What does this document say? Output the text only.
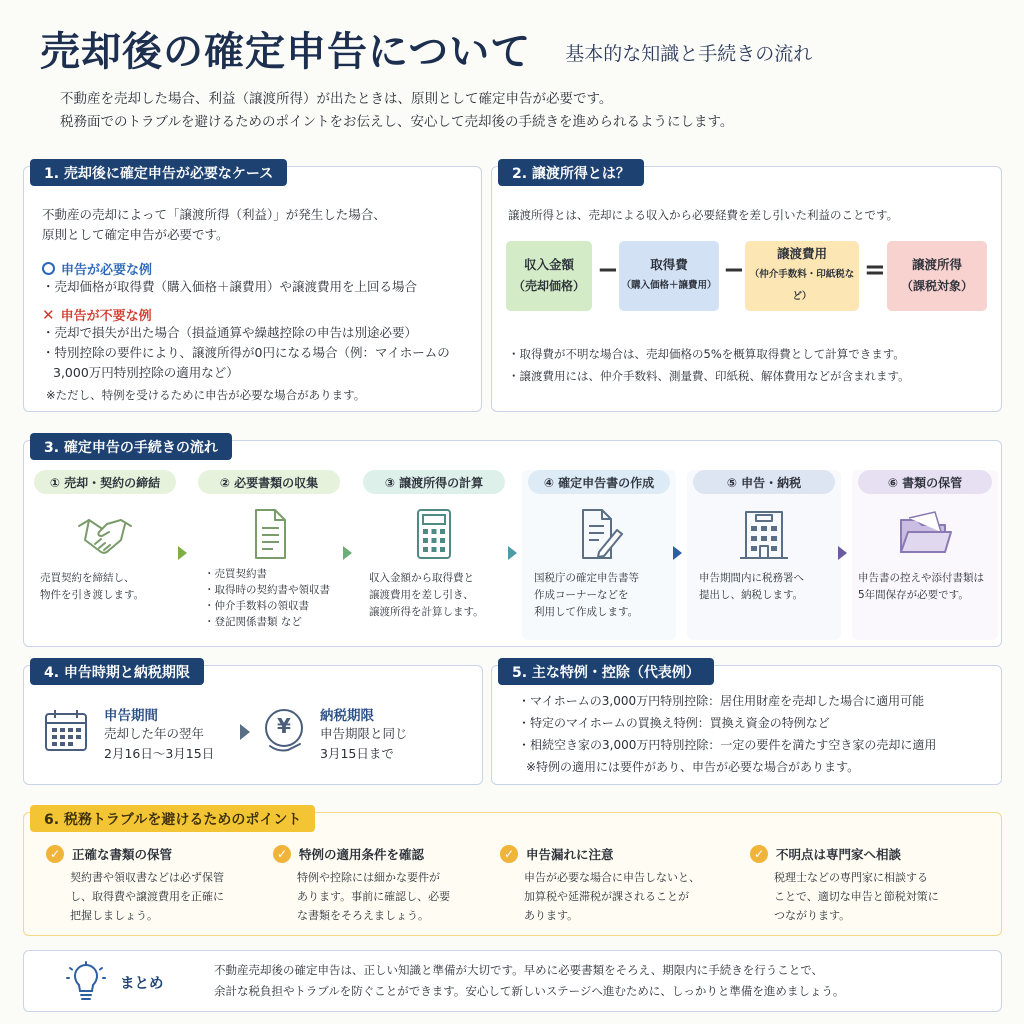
売却後の確定申告について 基本的な知識と手続きの流れ
不動産を売却した場合、利益（譲渡所得）が出たときは、原則として確定申告が必要です。
税務面でのトラブルを避けるためのポイントをお伝えし、安心して売却後の手続きを進められるようにします。
1. 売却後に確定申告が必要なケース
不動産の売却によって「譲渡所得（利益）」が発生した場合、
原則として確定申告が必要です。
申告が必要な例
・売却価格が取得費（購入価格＋譲費用）や譲渡費用を上回る場合
✕ 申告が不要な例
・売却で損失が出た場合（損益通算や繰越控除の申告は別途必要）
・特別控除の要件により、譲渡所得が0円になる場合（例：マイホームの
3,000万円特別控除の適用など）
※ただし、特例を受けるために申告が必要な場合があります。
2. 譲渡所得とは？
譲渡所得とは、売却による収入から必要経費を差し引いた利益のことです。
収入金額
（売却価格）
−	取得費
（購入価格＋譲費用）
−
譲渡費用
（仲介手数料・印紙税など）
= 譲渡所得
（課税対象）
・取得費が不明な場合は、売却価格の5%を概算取得費として計算できます。
・譲渡費用には、仲介手数料、測量費、印紙税、解体費用などが含まれます。
3. 確定申告の手続きの流れ
① 売却・契約の締結
売買契約を締結し、
物件を引き渡します。
② 必要書類の収集
・売買契約書
・取得時の契約書や領収書
・仲介手数料の領収書
・登記関係書類 など
③ 譲渡所得の計算
収入金額から取得費と
譲渡費用を差し引き、
譲渡所得を計算します。
④ 確定申告書の作成
国税庁の確定申告書等
作成コーナーなどを
利用して作成します。
⑤ 申告・納税
申告期間内に税務署へ
提出し、納税します。
⑥ 書類の保管
申告書の控えや添付書類は
5年間保存が必要です。
4. 申告時期と納税期限
申告期間
売却した年の翌年
2月16日〜3月15日
¥	納税期限
申告期限と同じ
3月15日まで
5. 主な特例・控除（代表例）
・マイホームの3,000万円特別控除：居住用財産を売却した場合に適用可能
・特定のマイホームの買換え特例：買換え資金の特例など
・相続空き家の3,000万円特別控除：一定の要件を満たす空き家の売却に適用
※特例の適用には要件があり、申告が必要な場合があります。
6. 税務トラブルを避けるためのポイント
✓ 正確な書類の保管
契約書や領収書などは必ず保管
し、取得費や譲渡費用を正確に
把握しましょう。
✓ 特例の適用条件を確認
特例や控除には細かな要件が
あります。事前に確認し、必要
な書類をそろえましょう。
✓ 申告漏れに注意
申告が必要な場合に申告しないと、
加算税や延滞税が課されることが
あります。
✓ 不明点は専門家へ相談
税理士などの専門家に相談する
ことで、適切な申告と節税対策に
つながります。
まとめ
不動産売却後の確定申告は、正しい知識と準備が大切です。早めに必要書類をそろえ、期限内に手続きを行うことで、
余計な税負担やトラブルを防ぐことができます。安心して新しいステージへ進むために、しっかりと準備を進めましょう。
